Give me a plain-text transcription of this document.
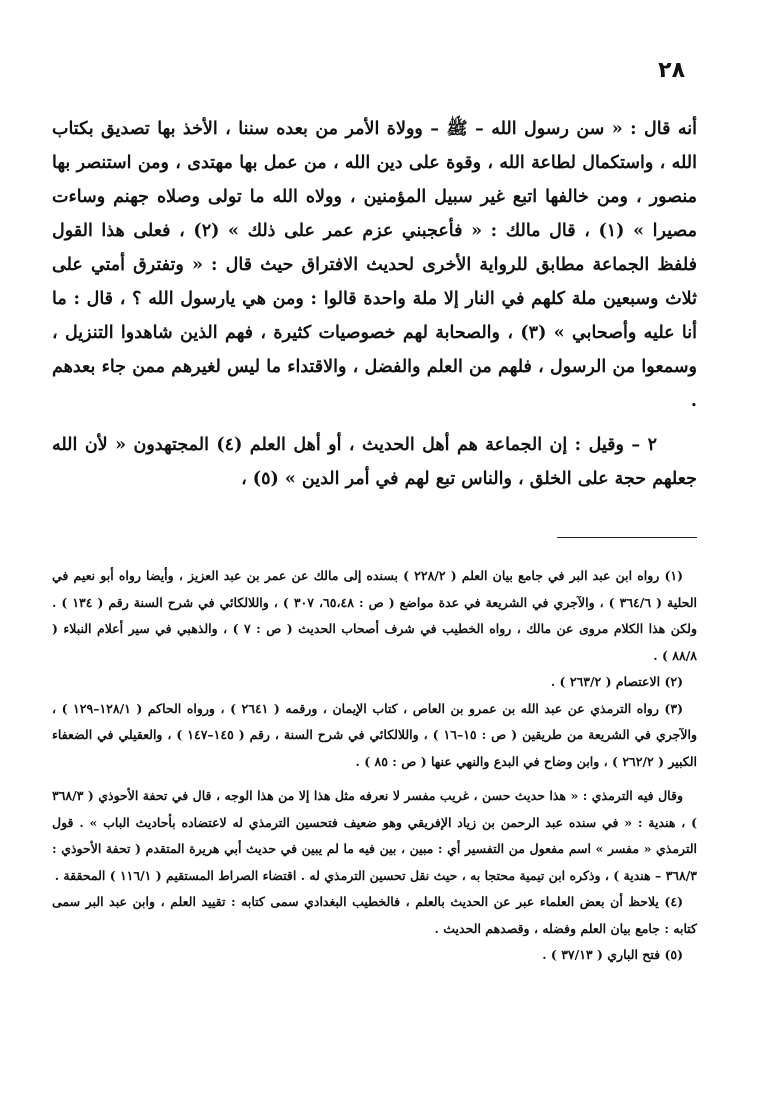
٢٨

أنه قال : « سن رسول الله – ﷺ – وولاة الأمر من بعده سننا ، الأخذ بها تصديق بكتاب الله ، واستكمال لطاعة الله ، وقوة على دين الله ، من عمل بها مهتدى ، ومن استنصر بها منصور ، ومن خالفها اتبع غير سبيل المؤمنين ، وولاه الله ما تولى وصلاه جهنم وساءت مصيرا » (١) ، قال مالك : « فأعجبني عزم عمر على ذلك » (٢) ، فعلى هذا القول فلفظ الجماعة مطابق للرواية الأخرى لحديث الافتراق حيث قال : « وتفترق أمتي على ثلاث وسبعين ملة كلهم في النار إلا ملة واحدة قالوا : ومن هي يارسول الله ؟ ، قال : ما أنا عليه وأصحابي » (٣) ، والصحابة لهم خصوصيات كثيرة ، فهم الذين شاهدوا التنزيل ، وسمعوا من الرسول ، فلهم من العلم والفضل ، والاقتداء ما ليس لغيرهم ممن جاء بعدهم .

٢ – وقيل : إن الجماعة هم أهل الحديث ، أو أهل العلم (٤) المجتهدون « لأن الله جعلهم حجة على الخلق ، والناس تبع لهم في أمر الدين » (٥) ،

(١) رواه ابن عبد البر في جامع بيان العلم ( ٢٢٨/٢ ) بسنده إلى مالك عن عمر بن عبد العزيز ، وأيضا رواه أبو نعيم في الحلية ( ٣٦٤/٦ ) ، والآجري في الشريعة في عدة مواضع ( ص : ٦٥،٤٨، ٣٠٧ ) ، واللالكائي في شرح السنة رقم ( ١٣٤ ) . ولكن هذا الكلام مروى عن مالك ، رواه الخطيب في شرف أصحاب الحديث ( ص : ٧ ) ، والذهبي في سير أعلام النبلاء ( ٨٨/٨ ) .

(٢) الاعتصام ( ٢٦٣/٢ ) .

(٣) رواه الترمذي عن عبد الله بن عمرو بن العاص ، كتاب الإيمان ، ورقمه ( ٢٦٤١ ) ، ورواه الحاكم ( ١٢٨/١–١٢٩ ) ، والآجري في الشريعة من طريقين ( ص : ١٥–١٦ ) ، واللالكائي في شرح السنة ، رقم ( ١٤٥–١٤٧ ) ، والعقيلي في الضعفاء الكبير ( ٢٦٢/٢ ) ، وابن وضاح في البدع والنهي عنها ( ص : ٨٥ ) .

وقال فيه الترمذي : « هذا حديث حسن ، غريب مفسر لا نعرفه مثل هذا إلا من هذا الوجه ، قال في تحفة الأحوذي ( ٣٦٨/٣ ) ، هندية : « في سنده عبد الرحمن بن زياد الإفريقي وهو ضعيف فتحسين الترمذي له لاعتضاده بأحاديث الباب » . قول الترمذي « مفسر » اسم مفعول من التفسير أي : مبين ، بين فيه ما لم يبين في حديث أبي هريرة المتقدم ( تحفة الأحوذي : ٣٦٨/٣ – هندية ) ، وذكره ابن تيمية محتجا به ، حيث نقل تحسين الترمذي له . اقتضاء الصراط المستقيم ( ١١٦/١ ) المحققة .

(٤) يلاحظ أن بعض العلماء عبر عن الحديث بالعلم ، فالخطيب البغدادي سمى كتابه : تقييد العلم ، وابن عبد البر سمى كتابه : جامع بيان العلم وفضله ، وقصدهم الحديث .

(٥) فتح الباري ( ٣٧/١٣ ) .
